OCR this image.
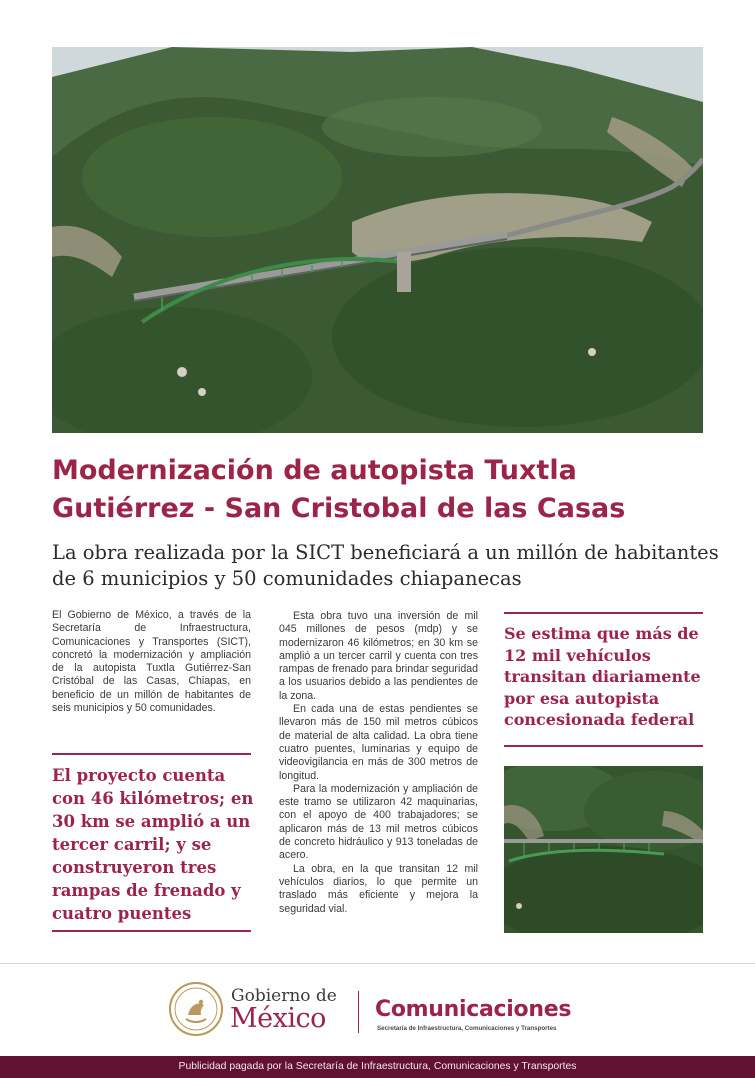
Modernización de autopista Tuxtla Gutiérrez - San Cristobal de las Casas
La obra realizada por la SICT beneficiará a un millón de habitantes de 6 municipios y 50 comunidades chiapanecas

El Gobierno de México, a través de la Secretaría de Infraestructura, Comunicaciones y Transportes (SICT), concretó la modernización y ampliación de la autopista Tuxtla Gutiérrez-San Cristóbal de las Casas, Chiapas, en beneficio de un millón de habitantes de seis municipios y 50 comunidades.

El proyecto cuenta con 46 kilómetros; en 30 km se amplió a un tercer carril; y se construyeron tres rampas de frenado y cuatro puentes

Esta obra tuvo una inversión de mil 045 millones de pesos (mdp) y se modernizaron 46 kilómetros; en 30 km se amplió a un tercer carril y cuenta con tres rampas de frenado para brindar seguridad a los usuarios debido a las pendientes de la zona.

En cada una de estas pendientes se llevaron más de 150 mil metros cúbicos de material de alta calidad. La obra tiene cuatro puentes, luminarias y equipo de videovigilancia en más de 300 metros de longitud.

Para la modernización y ampliación de este tramo se utilizaron 42 maquinarias, con el apoyo de 400 trabajadores; se aplicaron más de 13 mil metros cúbicos de concreto hidráulico y 913 toneladas de acero.

La obra, en la que transitan 12 mil vehículos diarios, lo que permite un traslado más eficiente y mejora la seguridad vial.

Se estima que más de 12 mil vehículos transitan diariamente por esa autopista concesionada federal

Gobierno de
México Comunicaciones
Secretaría de Infraestructura, Comunicaciones y Transportes
Publicidad pagada por la Secretaría de Infraestructura, Comunicaciones y Transportes
